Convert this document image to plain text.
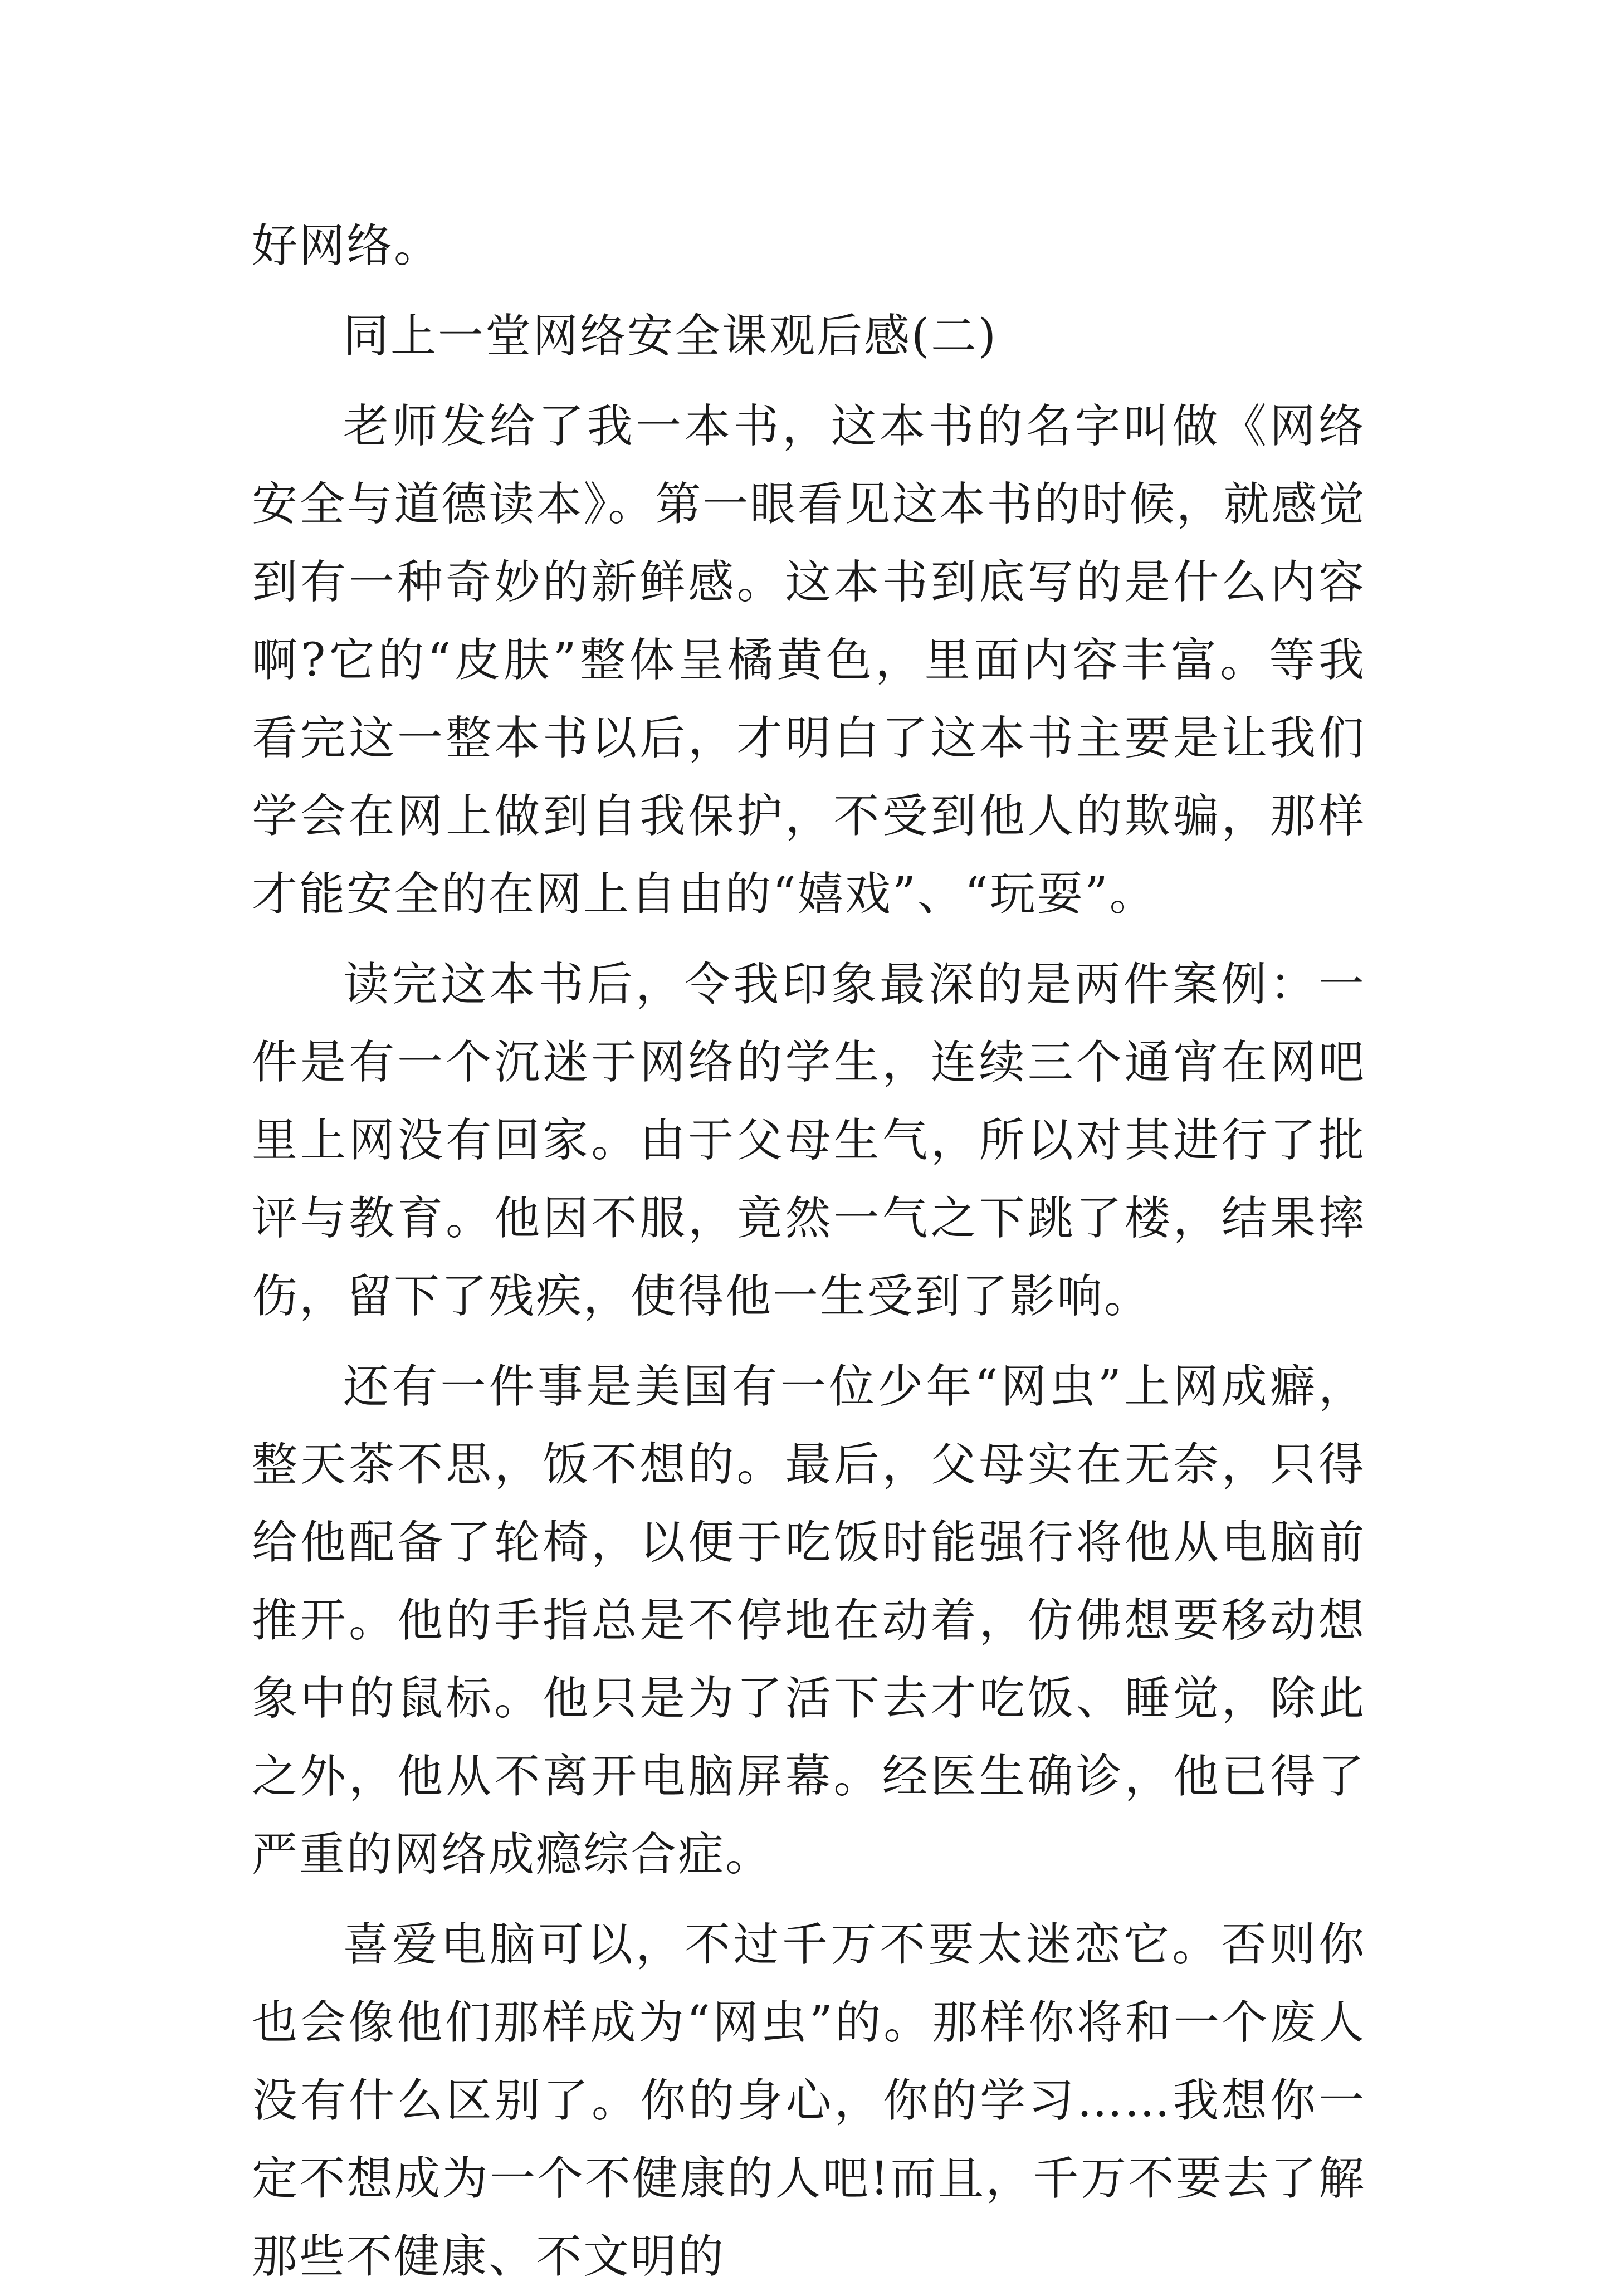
好网络。

同上一堂网络安全课观后感(二)

老师发给了我一本书，这本书的名字叫做《网络安全与道德读本》。第一眼看见这本书的时候，就感觉到有一种奇妙的新鲜感。这本书到底写的是什么内容啊?它的“皮肤”整体呈橘黄色，里面内容丰富。等我看完这一整本书以后，才明白了这本书主要是让我们学会在网上做到自我保护，不受到他人的欺骗，那样才能安全的在网上自由的“嬉戏”、“玩耍”。

读完这本书后，令我印象最深的是两件案例：一件是有一个沉迷于网络的学生，连续三个通宵在网吧里上网没有回家。由于父母生气，所以对其进行了批评与教育。他因不服，竟然一气之下跳了楼，结果摔伤，留下了残疾，使得他一生受到了影响。

还有一件事是美国有一位少年“网虫”上网成癖，整天茶不思，饭不想的。最后，父母实在无奈，只得给他配备了轮椅，以便于吃饭时能强行将他从电脑前推开。他的手指总是不停地在动着，仿佛想要移动想象中的鼠标。他只是为了活下去才吃饭、睡觉，除此之外，他从不离开电脑屏幕。经医生确诊，他已得了严重的网络成瘾综合症。

喜爱电脑可以，不过千万不要太迷恋它。否则你也会像他们那样成为“网虫”的。那样你将和一个废人没有什么区别了。你的身心，你的学习……我想你一定不想成为一个不健康的人吧!而且，千万不要去了解那些不健康、不文明的
